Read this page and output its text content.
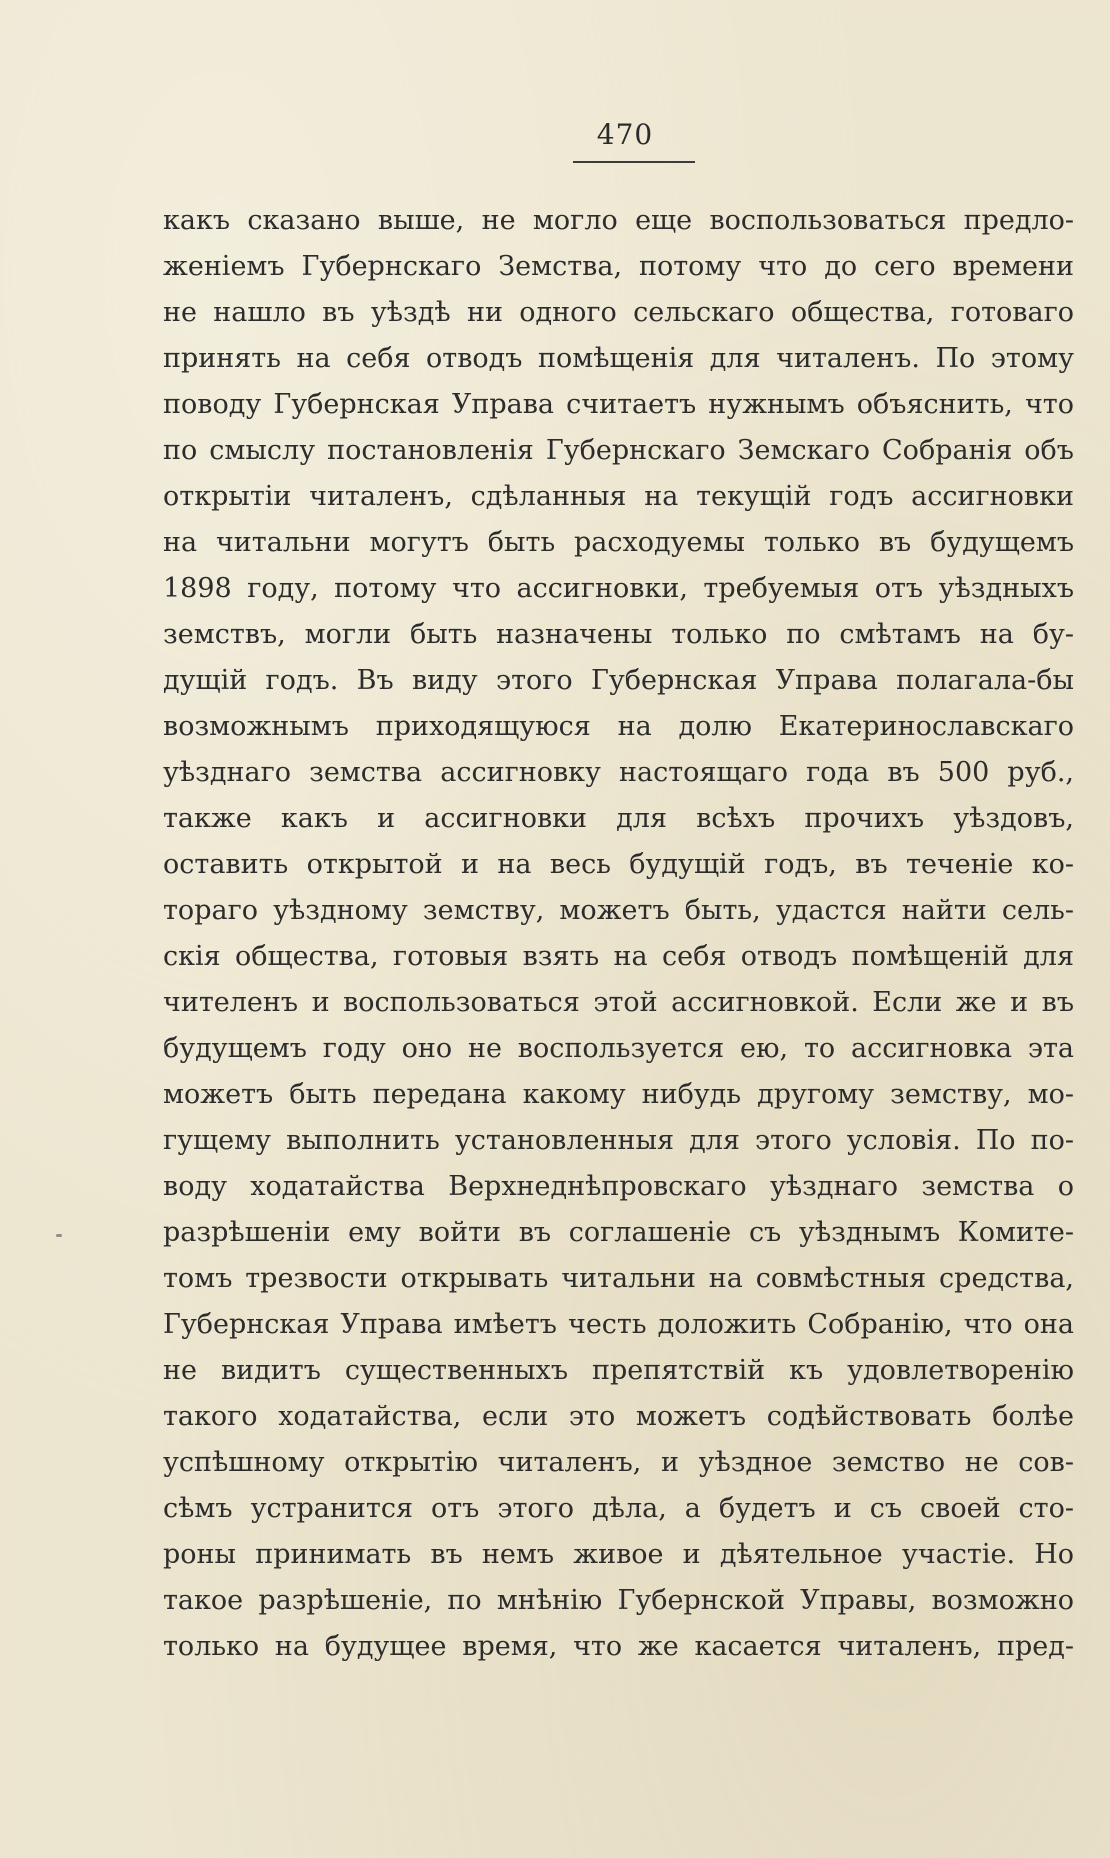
470
какъ сказано выше, не могло еще воспользоваться предло-
женіемъ Губернскаго Земства, потому что до сего времени
не нашло въ уѣздѣ ни одного сельскаго общества, готоваго
принять на себя отводъ помѣщенія для читаленъ. По этому
поводу Губернская Управа считаетъ нужнымъ объяснить, что
по смыслу постановленія Губернскаго Земскаго Собранія объ
открытіи читаленъ, сдѣланныя на текущій годъ ассигновки
на читальни могутъ быть расходуемы только въ будущемъ
1898 году, потому что ассигновки, требуемыя отъ уѣздныхъ
земствъ, могли быть назначены только по смѣтамъ на бу-
дущій годъ. Въ виду этого Губернская Управа полагала-бы
возможнымъ приходящуюся на долю Екатеринославскаго
уѣзднаго земства ассигновку настоящаго года въ 500 руб.,
также какъ и ассигновки для всѣхъ прочихъ уѣздовъ,
оставить открытой и на весь будущій годъ, въ теченіе ко-
тораго уѣздному земству, можетъ быть, удастся найти сель-
скія общества, готовыя взять на себя отводъ помѣщеній для
чителенъ и воспользоваться этой ассигновкой. Если же и въ
будущемъ году оно не воспользуется ею, то ассигновка эта
можетъ быть передана какому нибудь другому земству, мо-
гущему выполнить установленныя для этого условія. По по-
воду ходатайства Верхнеднѣпровскаго уѣзднаго земства о
разрѣшеніи ему войти въ соглашеніе съ уѣзднымъ Комите-
томъ трезвости открывать читальни на совмѣстныя средства,
Губернская Управа имѣетъ честь доложить Собранію, что она
не видитъ существенныхъ препятствій къ удовлетворенію
такого ходатайства, если это можетъ содѣйствовать болѣе
успѣшному открытію читаленъ, и уѣздное земство не сов-
сѣмъ устранится отъ этого дѣла, а будетъ и съ своей сто-
роны принимать въ немъ живое и дѣятельное участіе. Но
такое разрѣшеніе, по мнѣнію Губернской Управы, возможно
только на будущее время, что же касается читаленъ, пред-
